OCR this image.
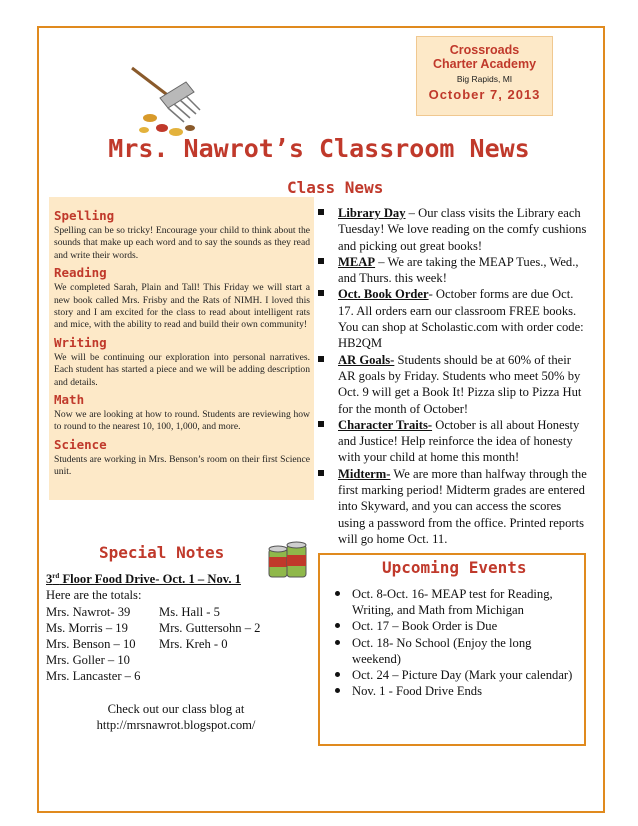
Crossroads Charter Academy
Big Rapids, MI
October 7, 2013
Mrs. Nawrot’s Classroom News
Class News
Spelling

Spelling can be so tricky! Encourage your child to think about the sounds that make up each word and to say the sounds as they read and write their words.

Reading

We completed Sarah, Plain and Tall! This Friday we will start a new book called Mrs. Frisby and the Rats of NIMH. I loved this story and I am excited for the class to read about intelligent rats and mice, with the ability to read and build their own community!

Writing

We will be continuing our exploration into personal narratives. Each student has started a piece and we will be adding description and details.

Math

Now we are looking at how to round. Students are reviewing how to round to the nearest 10, 100, 1,000, and more.

Science

Students are working in Mrs. Benson’s room on their first Science unit.

Library Day – Our class visits the Library each Tuesday! We love reading on the comfy cushions and picking out great books!
MEAP – We are taking the MEAP Tues., Wed., and Thurs. this week!
Oct. Book Order- October forms are due Oct. 17. All orders earn our classroom FREE books. You can shop at Scholastic.com with order code: HB2QM
AR Goals- Students should be at 60% of their AR goals by Friday. Students who meet 50% by Oct. 9 will get a Book It! Pizza slip to Pizza Hut for the month of October!
Character Traits- October is all about Honesty and Justice! Help reinforce the idea of honesty with your child at home this month!
Midterm- We are more than halfway through the first marking period! Midterm grades are entered into Skyward, and you can access the scores using a password from the office. Printed reports will go home Oct. 11.
Special Notes
3rd Floor Food Drive- Oct. 1 – Nov. 1
Here are the totals:
Mrs. Nawrot- 39	Ms. Hall - 5
Ms. Morris – 19	Mrs. Guttersohn – 2
Mrs. Benson – 10	Mrs. Kreh - 0
Mrs. Goller – 10
Mrs. Lancaster – 6
Check out our class blog at
http://mrsnawrot.blogspot.com/
Upcoming Events
Oct. 8-Oct. 16- MEAP test for Reading, Writing, and Math from Michigan
Oct. 17 – Book Order is Due
Oct. 18- No School (Enjoy the long weekend)
Oct. 24 – Picture Day (Mark your calendar)
Nov. 1 - Food Drive Ends
